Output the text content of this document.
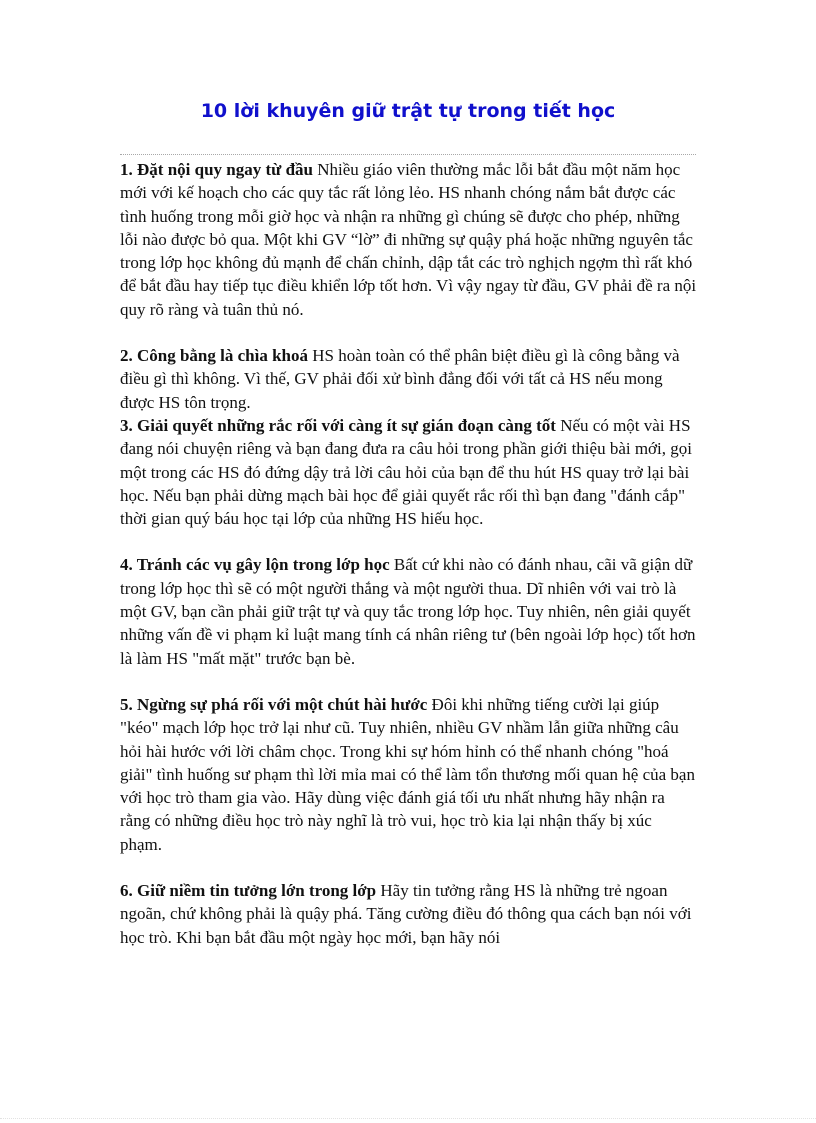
10 lời khuyên giữ trật tự trong tiết học

1. Đặt nội quy ngay từ đầu Nhiều giáo viên thường mắc lỗi bắt đầu một năm học mới với kế hoạch cho các quy tắc rất lỏng lẻo. HS nhanh chóng nắm bắt được các tình huống trong mỗi giờ học và nhận ra những gì chúng sẽ được cho phép, những lỗi nào được bỏ qua. Một khi GV “lờ” đi những sự quậy phá hoặc những nguyên tắc trong lớp học không đủ mạnh để chấn chỉnh, dập tắt các trò nghịch ngợm thì rất khó để bắt đầu hay tiếp tục điều khiển lớp tốt hơn. Vì vậy ngay từ đầu, GV phải đề ra nội quy rõ ràng và tuân thủ nó.

2. Công bằng là chìa khoá HS hoàn toàn có thể phân biệt điều gì là công bằng và điều gì thì không. Vì thế, GV phải đối xử bình đẳng đối với tất cả HS nếu mong được HS tôn trọng.

3. Giải quyết những rắc rối với càng ít sự gián đoạn càng tốt Nếu có một vài HS đang nói chuyện riêng và bạn đang đưa ra câu hỏi trong phần giới thiệu bài mới, gọi một trong các HS đó đứng dậy trả lời câu hỏi của bạn để thu hút HS quay trở lại bài học. Nếu bạn phải dừng mạch bài học để giải quyết rắc rối thì bạn đang "đánh cắp" thời gian quý báu học tại lớp của những HS hiếu học.

4. Tránh các vụ gây lộn trong lớp học Bất cứ khi nào có đánh nhau, cãi vã giận dữ trong lớp học thì sẽ có một người thắng và một người thua. Dĩ nhiên với vai trò là một GV, bạn cần phải giữ trật tự và quy tắc trong lớp học. Tuy nhiên, nên giải quyết những vấn đề vi phạm kỉ luật mang tính cá nhân riêng tư (bên ngoài lớp học) tốt hơn là làm HS "mất mặt" trước bạn bè.

5. Ngừng sự phá rối với một chút hài hước Đôi khi những tiếng cười lại giúp "kéo" mạch lớp học trở lại như cũ. Tuy nhiên, nhiều GV nhầm lẫn giữa những câu hỏi hài hước với lời châm chọc. Trong khi sự hóm hỉnh có thể nhanh chóng "hoá giải" tình huống sư phạm thì lời mỉa mai có thể làm tổn thương mối quan hệ của bạn với học trò tham gia vào. Hãy dùng việc đánh giá tối ưu nhất nhưng hãy nhận ra rằng có những điều học trò này nghĩ là trò vui, học trò kia lại nhận thấy bị xúc phạm.

6. Giữ niềm tin tưởng lớn trong lớp Hãy tin tưởng rằng HS là những trẻ ngoan ngoãn, chứ không phải là quậy phá. Tăng cường điều đó thông qua cách bạn nói với học trò. Khi bạn bắt đầu một ngày học mới, bạn hãy nói
